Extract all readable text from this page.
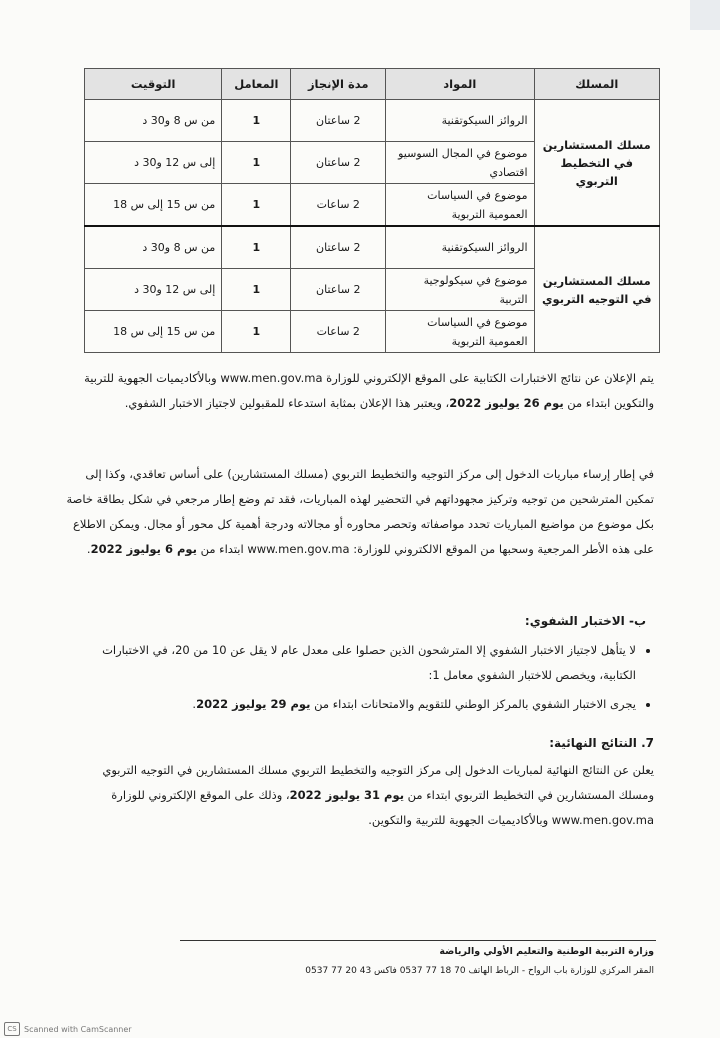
المسلك	المواد	مدة الإنجاز	المعامل	التوقيت
مسلك المستشارين في التخطيط التربوي	الروائز السيكوتقنية	2 ساعتان	1	من س 8 و30 د
	موضوع في المجال السوسيو اقتصادي	2 ساعتان	1	إلى س 12 و30 د
	موضوع في السياسات العمومية التربوية	2 ساعات	1	من س 15 إلى س 18
مسلك المستشارين في التوجيه التربوي	الروائز السيكوتقنية	2 ساعتان	1	من س 8 و30 د
	موضوع في سيكولوجية التربية	2 ساعتان	1	إلى س 12 و30 د
	موضوع في السياسات العمومية التربوية	2 ساعات	1	من س 15 إلى س 18

يتم الإعلان عن نتائج الاختبارات الكتابية على الموقع الإلكتروني للوزارة www.men.gov.ma وبالأكاديميات الجهوية للتربية والتكوين ابتداء من يوم 26 يوليوز 2022، ويعتبر هذا الإعلان بمثابة استدعاء للمقبولين لاجتياز الاختبار الشفوي.

في إطار إرساء مباريات الدخول إلى مركز التوجيه والتخطيط التربوي (مسلك المستشارين) على أساس تعاقدي، وكذا إلى تمكين المترشحين من توجيه وتركيز مجهوداتهم في التحضير لهذه المباريات، فقد تم وضع إطار مرجعي في شكل بطاقة خاصة بكل موضوع من مواضيع المباريات تحدد مواصفاته وتحصر محاوره أو مجالاته ودرجة أهمية كل محور أو مجال. ويمكن الاطلاع على هذه الأطر المرجعية وسحبها من الموقع الالكتروني للوزارة: www.men.gov.ma ابتداء من يوم 6 يوليوز 2022.

ب- الاختبار الشفوي:
• لا يتأهل لاجتياز الاختبار الشفوي إلا المترشحون الذين حصلوا على معدل عام لا يقل عن 10 من 20، في الاختبارات الكتابية، ويخصص للاختبار الشفوي معامل 1:
• يجرى الاختبار الشفوي بالمركز الوطني للتقويم والامتحانات ابتداء من يوم 29 يوليوز 2022.
7. النتائج النهائية:

يعلن عن النتائج النهائية لمباريات الدخول إلى مركز التوجيه والتخطيط التربوي مسلك المستشارين في التوجيه التربوي ومسلك المستشارين في التخطيط التربوي ابتداء من يوم 31 يوليوز 2022، وذلك على الموقع الإلكتروني للوزارة www.men.gov.ma وبالأكاديميات الجهوية للتربية والتكوين.

وزارة التربية الوطنية والتعليم الأولي والرياضة
المقر المركزي للوزارة باب الرواح - الرباط الهاتف 70 18 77 0537 فاكس 43 20 77 0537
CS Scanned with CamScanner
